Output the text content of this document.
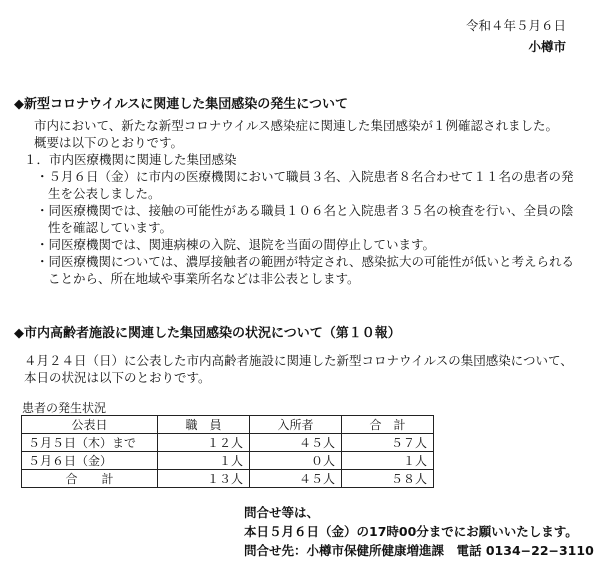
令和４年５月６日
小樽市
◆新型コロナウイルスに関連した集団感染の発生について
市内において、新たな新型コロナウイルス感染症に関連した集団感染が１例確認されました。
概要は以下のとおりです。
１．市内医療機関に関連した集団感染
・５月６日（金）に市内の医療機関において職員３名、入院患者８名合わせて１１名の患者の発
生を公表しました。
・同医療機関では、接触の可能性がある職員１０６名と入院患者３５名の検査を行い、全員の陰
性を確認しています。
・同医療機関では、関連病棟の入院、退院を当面の間停止しています。
・同医療機関については、濃厚接触者の範囲が特定され、感染拡大の可能性が低いと考えられる
ことから、所在地域や事業所名などは非公表とします。
◆市内高齢者施設に関連した集団感染の状況について（第１０報）
４月２４日（日）に公表した市内高齢者施設に関連した新型コロナウイルスの集団感染について、
本日の状況は以下のとおりです。
患者の発生状況
公表日	職　員	入所者	合　計
５月５日（木）まで	１２人	４５人	５７人
５月６日（金）	１人	０人	１人
合　　計	１３人	４５人	５８人
問合せ等は、
本日５月６日（金）の17時00分までにお願いいたします。
問合せ先：小樽市保健所健康増進課　電話 0134−22−3110
